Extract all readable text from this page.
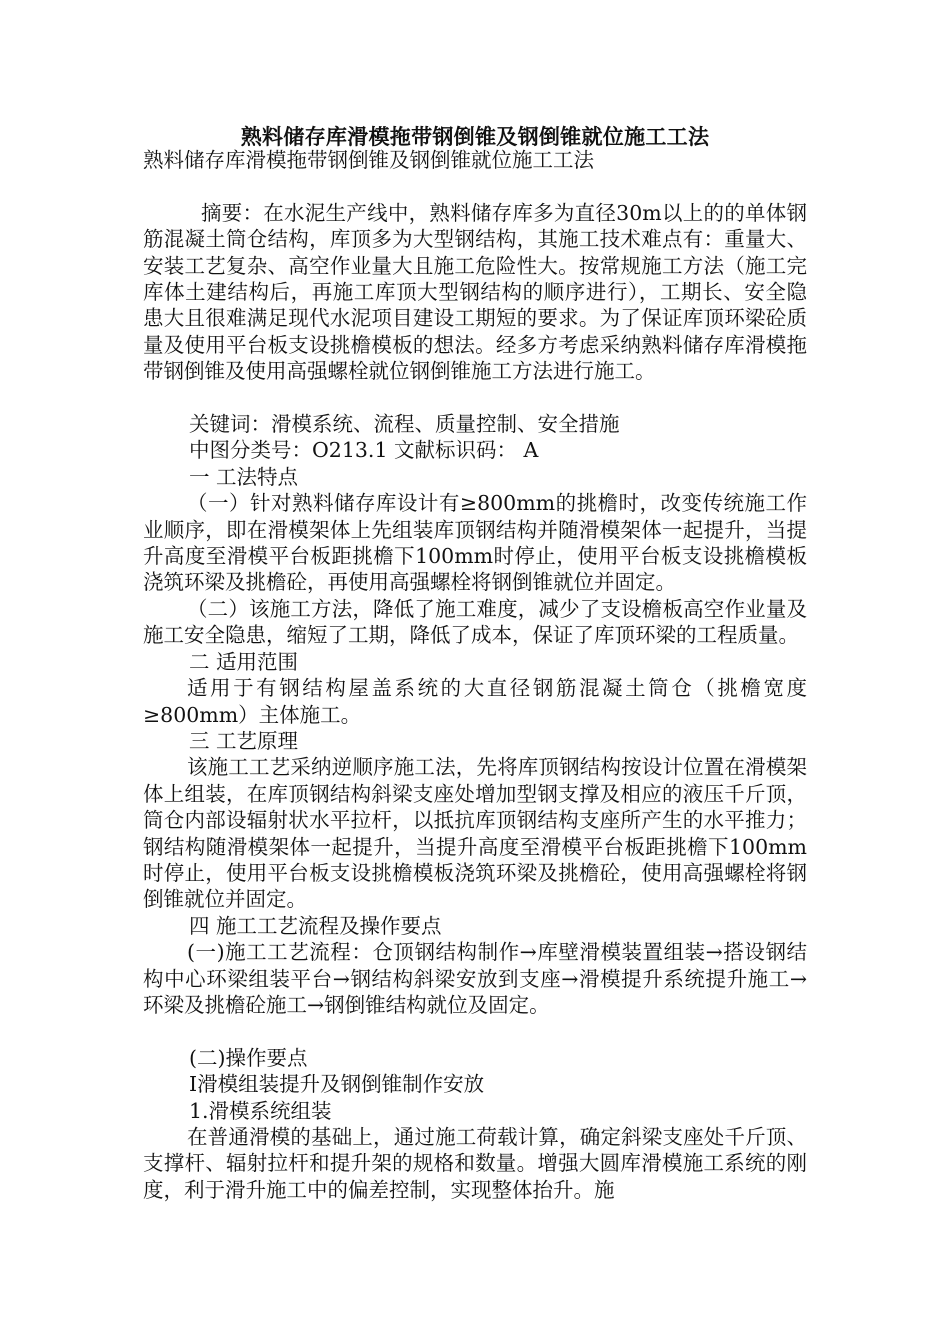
熟料储存库滑模拖带钢倒锥及钢倒锥就位施工工法

熟料储存库滑模拖带钢倒锥及钢倒锥就位施工工法

摘要：在水泥生产线中，熟料储存库多为直径30m以上的的单体钢筋混凝土筒仓结构，库顶多为大型钢结构，其施工技术难点有：重量大、安装工艺复杂、高空作业量大且施工危险性大。按常规施工方法（施工完库体土建结构后，再施工库顶大型钢结构的顺序进行），工期长、安全隐患大且很难满足现代水泥项目建设工期短的要求。为了保证库顶环梁砼质量及使用平台板支设挑檐模板的想法。经多方考虑采纳熟料储存库滑模拖带钢倒锥及使用高强螺栓就位钢倒锥施工方法进行施工。

关键词：滑模系统、流程、质量控制、安全措施

中图分类号：O213.1 文献标识码： A

一 工法特点

（一）针对熟料储存库设计有≥800mm的挑檐时，改变传统施工作业顺序，即在滑模架体上先组装库顶钢结构并随滑模架体一起提升，当提升高度至滑模平台板距挑檐下100mm时停止，使用平台板支设挑檐模板浇筑环梁及挑檐砼，再使用高强螺栓将钢倒锥就位并固定。

（二）该施工方法，降低了施工难度，减少了支设檐板高空作业量及施工安全隐患，缩短了工期，降低了成本，保证了库顶环梁的工程质量。

二 适用范围

适用于有钢结构屋盖系统的大直径钢筋混凝土筒仓（挑檐宽度≥800mm）主体施工。

三 工艺原理

该施工工艺采纳逆顺序施工法，先将库顶钢结构按设计位置在滑模架体上组装，在库顶钢结构斜梁支座处增加型钢支撑及相应的液压千斤顶，筒仓内部设辐射状水平拉杆，以抵抗库顶钢结构支座所产生的水平推力；钢结构随滑模架体一起提升，当提升高度至滑模平台板距挑檐下100mm时停止，使用平台板支设挑檐模板浇筑环梁及挑檐砼，使用高强螺栓将钢倒锥就位并固定。

四 施工工艺流程及操作要点

(一)施工工艺流程：仓顶钢结构制作→库壁滑模装置组装→搭设钢结构中心环梁组装平台→钢结构斜梁安放到支座→滑模提升系统提升施工→环梁及挑檐砼施工→钢倒锥结构就位及固定。

(二)操作要点

Ⅰ滑模组装提升及钢倒锥制作安放

1.滑模系统组装

在普通滑模的基础上，通过施工荷载计算，确定斜梁支座处千斤顶、支撑杆、辐射拉杆和提升架的规格和数量。增强大圆库滑模施工系统的刚度，利于滑升施工中的偏差控制，实现整体抬升。施
